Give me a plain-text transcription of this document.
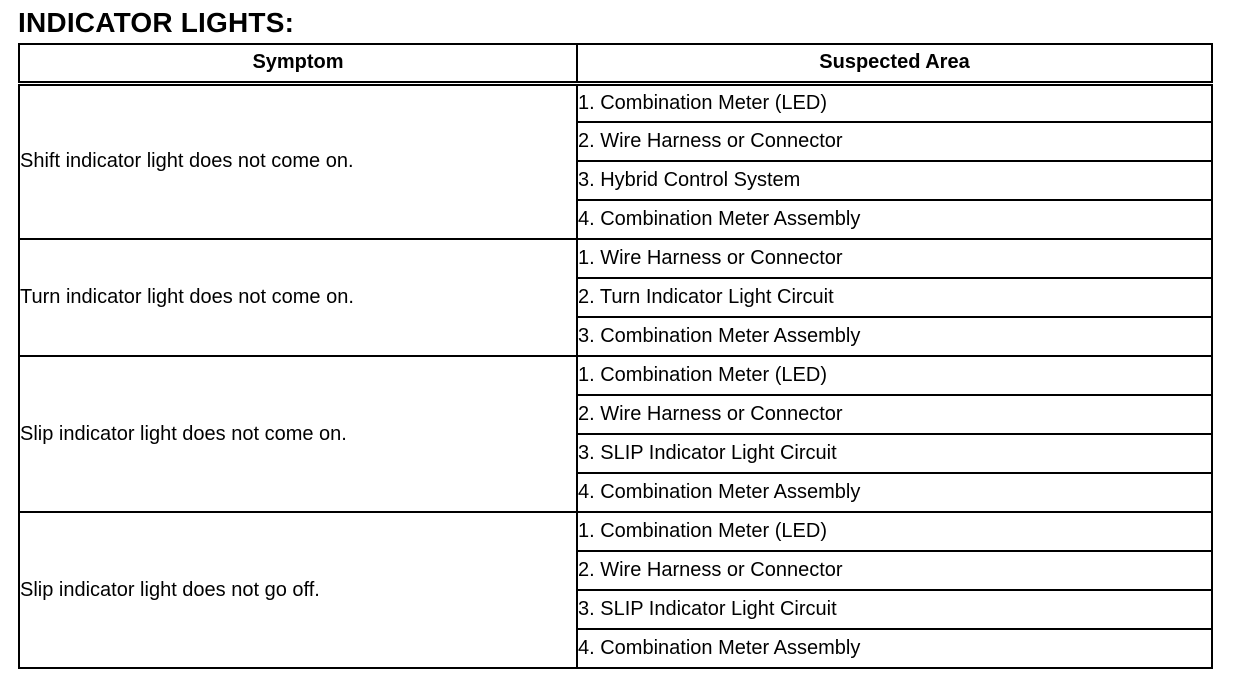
INDICATOR LIGHTS:
Symptom	Suspected Area
Shift indicator light does not come on.	1. Combination Meter (LED)
	2. Wire Harness or Connector
	3. Hybrid Control System
	4. Combination Meter Assembly
Turn indicator light does not come on.	1. Wire Harness or Connector
	2. Turn Indicator Light Circuit
	3. Combination Meter Assembly
Slip indicator light does not come on.	1. Combination Meter (LED)
	2. Wire Harness or Connector
	3. SLIP Indicator Light Circuit
	4. Combination Meter Assembly
Slip indicator light does not go off.	1. Combination Meter (LED)
	2. Wire Harness or Connector
	3. SLIP Indicator Light Circuit
	4. Combination Meter Assembly
